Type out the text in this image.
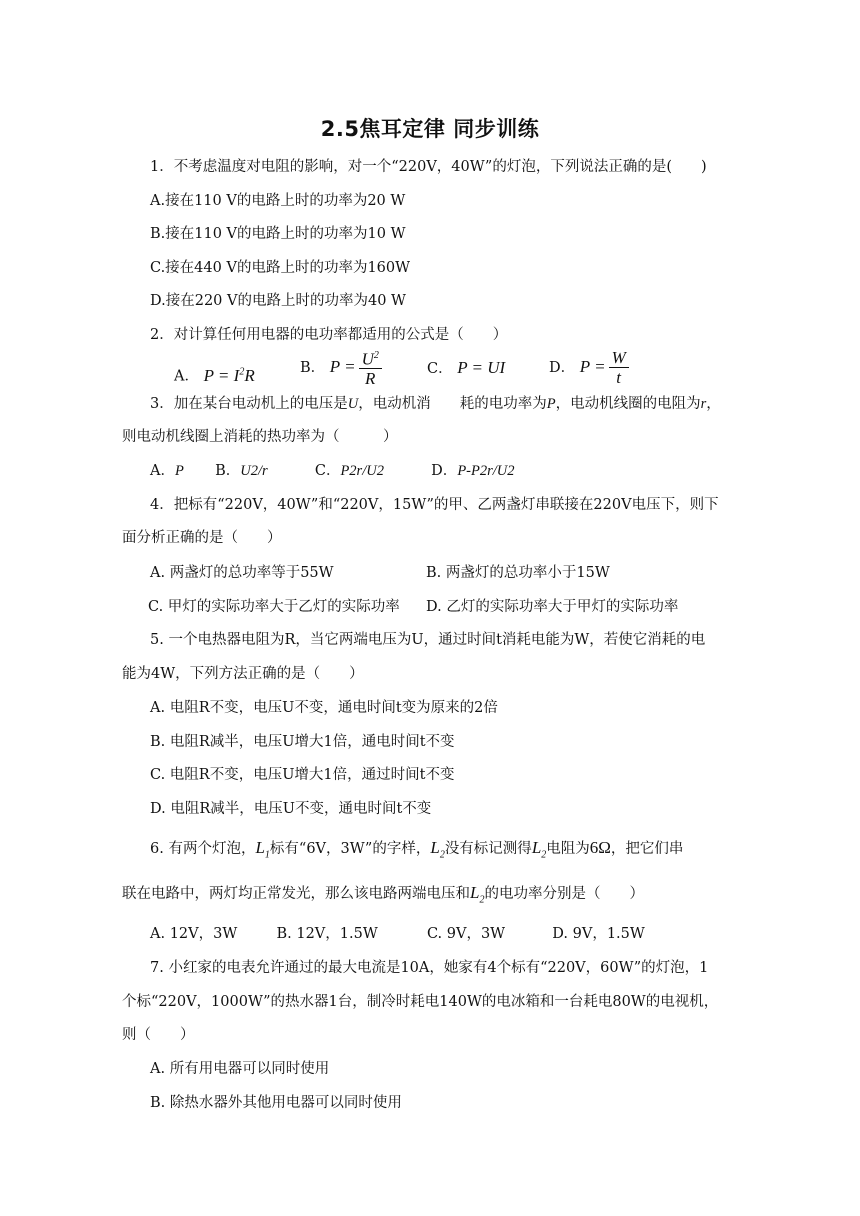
2.5焦耳定律 同步训练
1．不考虑温度对电阻的影响，对一个“220V，40W”的灯泡，下列说法正确的是(　　)
A.接在110 V的电路上时的功率为20 W
B.接在110 V的电路上时的功率为10 W
C.接在440 V的电路上时的功率为160W
D.接在220 V的电路上时的功率为40 W
2．对计算任何用电器的电功率都适用的公式是（　　）
A． $P = I^2R$	B． $P = \frac{U^2}{R}$	C． P = UI	D． $P = \frac{W}{t}$
3．加在某台电动机上的电压是U，电动机消　　耗的电功率为P，电动机线圈的电阻为r，
则电动机线圈上消耗的热功率为（　　　）
A．P B．U2/r	C．P2r/U2	D．P-P2r/U2
4．把标有“220V，40W”和“220V，15W”的甲、乙两盏灯串联接在220V电压下，则下
面分析正确的是（　　）
A. 两盏灯的总功率等于55W	B. 两盏灯的总功率小于15W
C. 甲灯的实际功率大于乙灯的实际功率 D. 乙灯的实际功率大于甲灯的实际功率
5. 一个电热器电阻为R，当它两端电压为U，通过时间t消耗电能为W，若使它消耗的电
能为4W，下列方法正确的是（　　）
A. 电阻R不变，电压U不变，通电时间t变为原来的2倍
B. 电阻R减半，电压U增大1倍，通电时间t不变
C. 电阻R不变，电压U增大1倍，通过时间t不变
D. 电阻R减半，电压U不变，通电时间t不变
6. 有两个灯泡，$L_1$标有“6V，3W”的字样，$L_2$没有标记测得$L_2$电阻为6Ω，把它们串
联在电路中，两灯均正常发光，那么该电路两端电压和$L_2$的电功率分别是（　　）
A. 12V，3W	B. 12V，1.5W	C. 9V，3W	D. 9V，1.5W
7. 小红家的电表允许通过的最大电流是10A，她家有4个标有“220V，60W”的灯泡，1
个标“220V，1000W”的热水器1台，制冷时耗电140W的电冰箱和一台耗电80W的电视机，
则（　　）
A. 所有用电器可以同时使用
B. 除热水器外其他用电器可以同时使用
